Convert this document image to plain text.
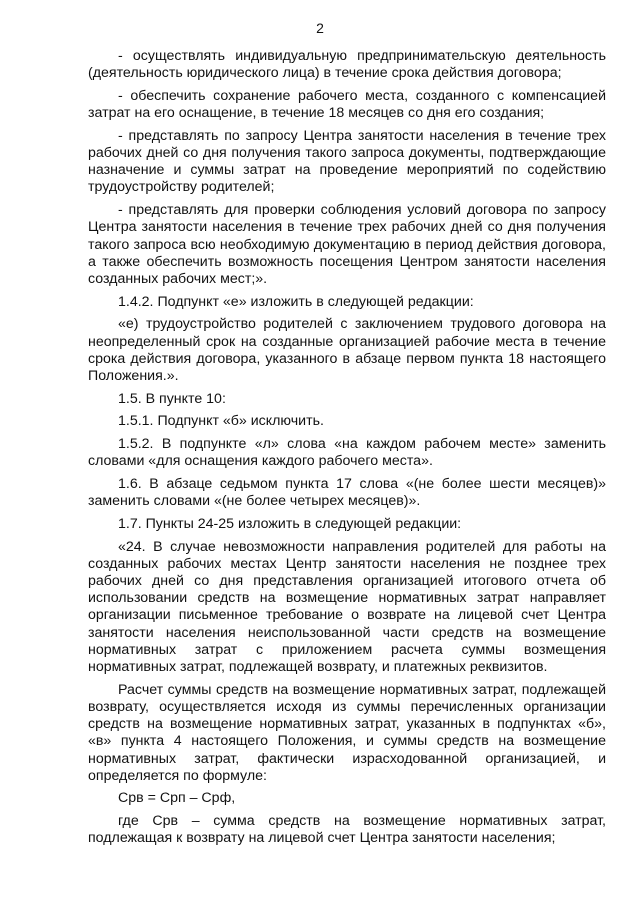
2

- осуществлять индивидуальную предпринимательскую деятельность (деятельность юридического лица) в течение срока действия договора;

- обеспечить сохранение рабочего места, созданного с компенсацией затрат на его оснащение, в течение 18 месяцев со дня его создания;

- представлять по запросу Центра занятости населения в течение трех рабочих дней со дня получения такого запроса документы, подтверждающие назначение и суммы затрат на проведение мероприятий по содействию трудоустройству родителей;

- представлять для проверки соблюдения условий договора по запросу Центра занятости населения в течение трех рабочих дней со дня получения такого запроса всю необходимую документацию в период действия договора, а также обеспечить возможность посещения Центром занятости населения созданных рабочих мест;».

1.4.2. Подпункт «е» изложить в следующей редакции:

«е) трудоустройство родителей с заключением трудового договора на неопределенный срок на созданные организацией рабочие места в течение срока действия договора, указанного в абзаце первом пункта 18 настоящего Положения.».

1.5. В пункте 10:

1.5.1. Подпункт «б» исключить.

1.5.2. В подпункте «л» слова «на каждом рабочем месте» заменить словами «для оснащения каждого рабочего места».

1.6. В абзаце седьмом пункта 17 слова «(не более шести месяцев)» заменить словами «(не более четырех месяцев)».

1.7. Пункты 24-25 изложить в следующей редакции:

«24. В случае невозможности направления родителей для работы на созданных рабочих местах Центр занятости населения не позднее трех рабочих дней со дня представления организацией итогового отчета об использовании средств на возмещение нормативных затрат направляет организации письменное требование о возврате на лицевой счет Центра занятости населения неиспользованной части средств на возмещение нормативных затрат с приложением расчета суммы возмещения нормативных затрат, подлежащей возврату, и платежных реквизитов.

Расчет суммы средств на возмещение нормативных затрат, подлежащей возврату, осуществляется исходя из суммы перечисленных организации средств на возмещение нормативных затрат, указанных в подпунктах «б», «в» пункта 4 настоящего Положения, и суммы средств на возмещение нормативных затрат, фактически израсходованной организацией, и определяется по формуле:

Срв = Срп – Срф,

где Срв – сумма средств на возмещение нормативных затрат, подлежащая к возврату на лицевой счет Центра занятости населения;
